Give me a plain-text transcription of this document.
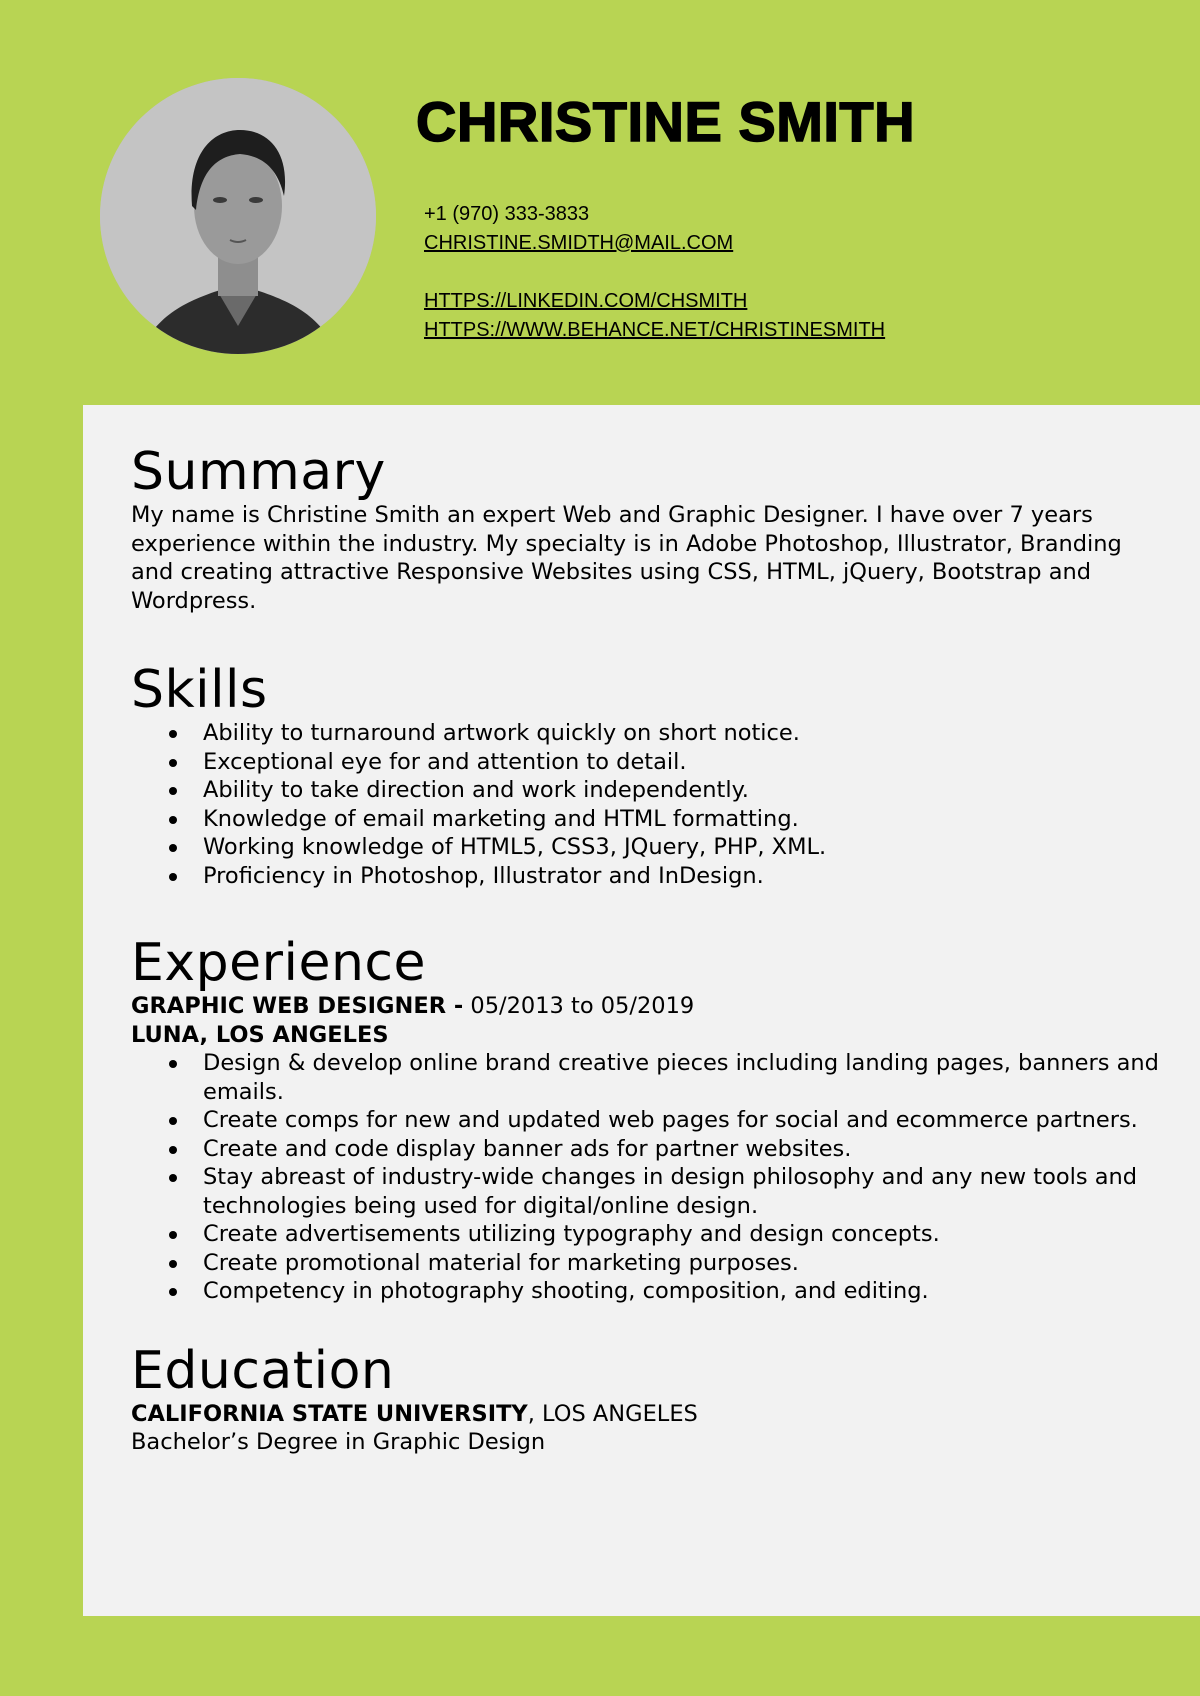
CHRISTINE SMITH
+1 (970) 333-3833
CHRISTINE.SMIDTH@MAIL.COM
HTTPS://LINKEDIN.COM/CHSMITH
HTTPS://WWW.BEHANCE.NET/CHRISTINESMITH
Summary

My name is Christine Smith an expert Web and Graphic Designer. I have over 7 years experience within the industry. My specialty is in Adobe Photoshop, Illustrator, Branding and creating attractive Responsive Websites using CSS, HTML, jQuery, Bootstrap and Wordpress.

Skills
Ability to turnaround artwork quickly on short notice.
Exceptional eye for and attention to detail.
Ability to take direction and work independently.
Knowledge of email marketing and HTML formatting.
Working knowledge of HTML5, CSS3, JQuery, PHP, XML.
Proficiency in Photoshop, Illustrator and InDesign.
Experience
GRAPHIC WEB DESIGNER - 05/2013 to 05/2019
LUNA, LOS ANGELES
Design & develop online brand creative pieces including landing pages, banners and emails.
Create comps for new and updated web pages for social and ecommerce partners.
Create and code display banner ads for partner websites.
Stay abreast of industry-wide changes in design philosophy and any new tools and technologies being used for digital/online design.
Create advertisements utilizing typography and design concepts.
Create promotional material for marketing purposes.
Competency in photography shooting, composition, and editing.
Education
CALIFORNIA STATE UNIVERSITY, LOS ANGELES
Bachelor’s Degree in Graphic Design
